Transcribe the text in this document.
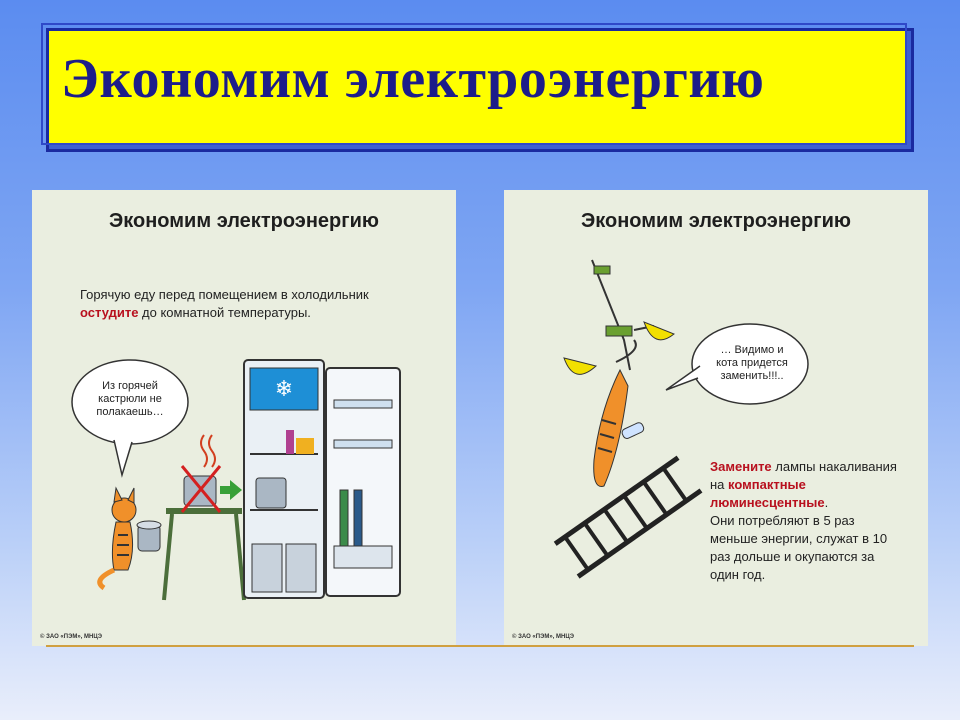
Экономим электроэнергию
Экономим электроэнергию
Горячую еду перед помещением в холодильник остудите до комнатной температуры.
❄
Из горячей кастрюли не полакаешь…
© ЗАО «ПЭМ», МНЦЭ
Экономим электроэнергию
… Видимо и кота придется заменить!!!..
Замените лампы накаливания на компактные люминесцентные.
Они потребляют в 5 раз меньше энергии, служат в 10 раз дольше и окупаются за один год.
© ЗАО «ПЭМ», МНЦЭ
